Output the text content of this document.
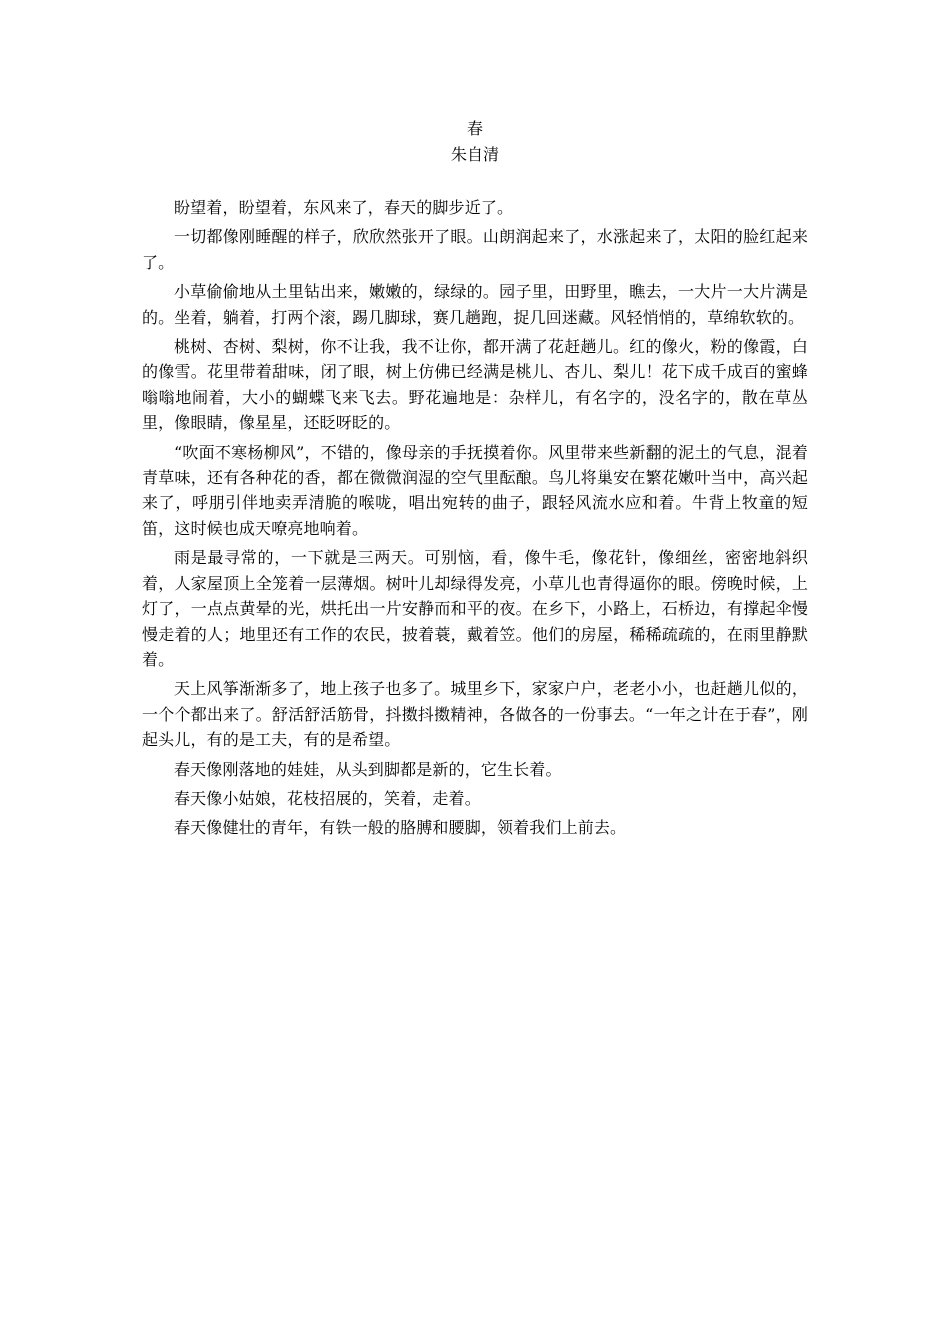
春

朱自清

盼望着，盼望着，东风来了，春天的脚步近了。

一切都像刚睡醒的样子，欣欣然张开了眼。山朗润起来了，水涨起来了，太阳的脸红起来了。

小草偷偷地从土里钻出来，嫩嫩的，绿绿的。园子里，田野里，瞧去，一大片一大片满是的。坐着，躺着，打两个滚，踢几脚球，赛几趟跑，捉几回迷藏。风轻悄悄的，草绵软软的。

桃树、杏树、梨树，你不让我，我不让你，都开满了花赶趟儿。红的像火，粉的像霞，白的像雪。花里带着甜味，闭了眼，树上仿佛已经满是桃儿、杏儿、梨儿！花下成千成百的蜜蜂嗡嗡地闹着，大小的蝴蝶飞来飞去。野花遍地是：杂样儿，有名字的，没名字的，散在草丛里，像眼睛，像星星，还眨呀眨的。

“吹面不寒杨柳风”，不错的，像母亲的手抚摸着你。风里带来些新翻的泥土的气息，混着青草味，还有各种花的香，都在微微润湿的空气里酝酿。鸟儿将巢安在繁花嫩叶当中，高兴起来了，呼朋引伴地卖弄清脆的喉咙，唱出宛转的曲子，跟轻风流水应和着。牛背上牧童的短笛，这时候也成天嘹亮地响着。

雨是最寻常的，一下就是三两天。可别恼，看，像牛毛，像花针，像细丝，密密地斜织着，人家屋顶上全笼着一层薄烟。树叶儿却绿得发亮，小草儿也青得逼你的眼。傍晚时候，上灯了，一点点黄晕的光，烘托出一片安静而和平的夜。在乡下，小路上，石桥边，有撑起伞慢慢走着的人；地里还有工作的农民，披着蓑，戴着笠。他们的房屋，稀稀疏疏的，在雨里静默着。

天上风筝渐渐多了，地上孩子也多了。城里乡下，家家户户，老老小小，也赶趟儿似的，一个个都出来了。舒活舒活筋骨，抖擞抖擞精神，各做各的一份事去。“一年之计在于春”，刚起头儿，有的是工夫，有的是希望。

春天像刚落地的娃娃，从头到脚都是新的，它生长着。

春天像小姑娘，花枝招展的，笑着，走着。

春天像健壮的青年，有铁一般的胳膊和腰脚，领着我们上前去。
